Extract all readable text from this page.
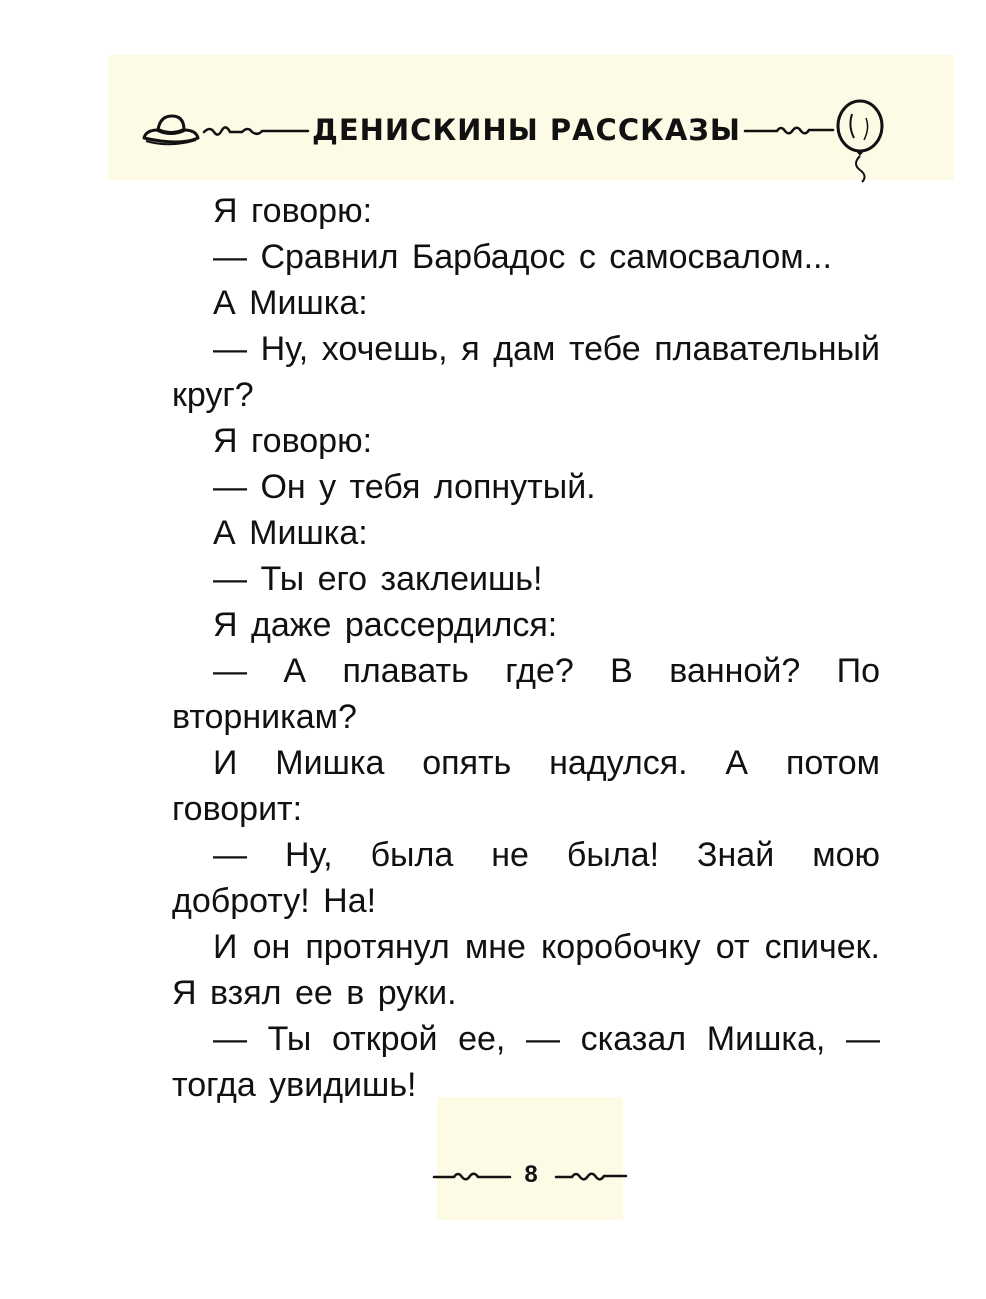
ДЕНИСКИНЫ РАССКАЗЫ

Я говорю:

— Сравнил Барбадос с самосвалом...

А Мишка:

— Ну, хочешь, я дам тебе плавательный круг?

Я говорю:

— Он у тебя лопнутый.

А Мишка:

— Ты его заклеишь!

Я даже рассердился:

— А плавать где? В ванной? По вторникам?

И Мишка опять надулся. А потом говорит:

— Ну, была не была! Знай мою доброту! На!

И он протянул мне коробочку от спичек. Я взял ее в руки.

— Ты открой ее, — сказал Мишка, — тогда увидишь!

8
